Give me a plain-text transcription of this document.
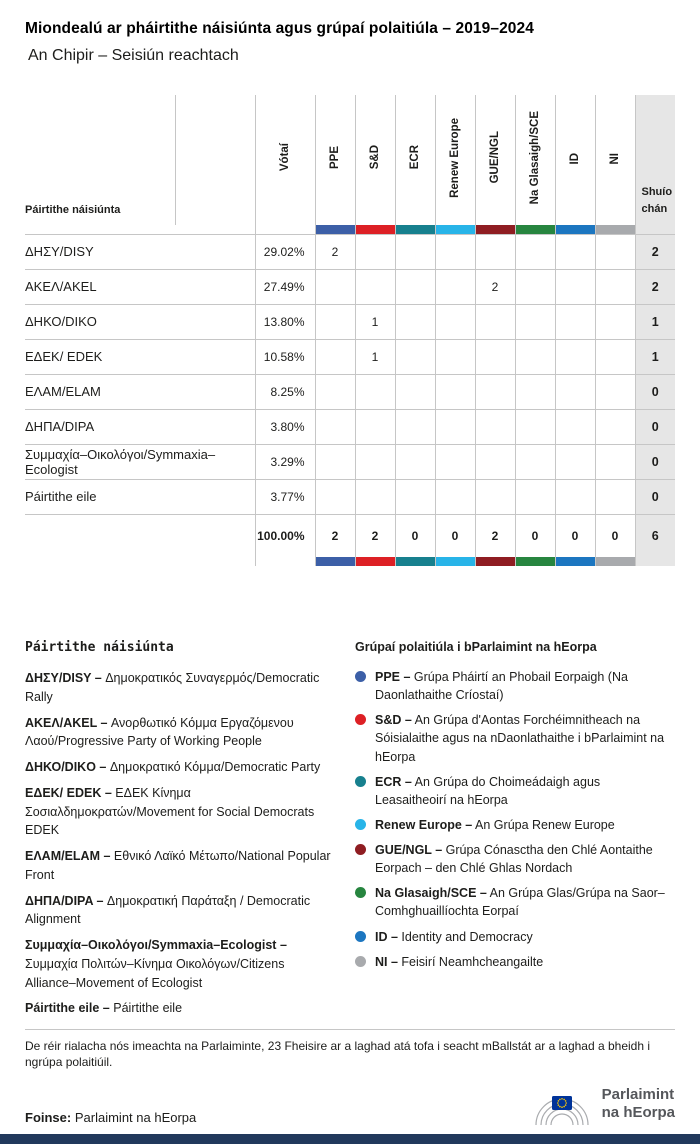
Miondealú ar pháirtithe náisiúnta agus grúpaí polaitiúla – 2019–2024
An Chipir – Seisiún reachtach
Páirtithe náisiúnta		Vótaí	PPE	S&D	ECR	Renew Europe	GUE/NGL	Na Glasaigh/SCE	ID	NI	Shuío
chán

ΔΗΣΥ/DISY		29.02%	2								2
ΑΚΕΛ/AKEL		27.49%					2				2
ΔΗΚΟ/DIKO		13.80%		1							1
ΕΔΕΚ/ EDEK		10.58%		1							1
ΕΛΑΜ/ELAM		8.25%									0
ΔΗΠΑ/DIPA		3.80%									0
Συμμαχία–Οικολόγοι/Symmaxia–Ecologist		3.29%									0
Páirtithe eile		3.77%									0
		100.00%	2	2	0	0	2	0	0	0	6

Páirtithe náisiúnta
ΔΗΣΥ/DISY – Δημοκρατικός Συναγερμός/Democratic Rally
ΑΚΕΛ/AKEL – Ανορθωτικό Κόμμα Εργαζόμενου Λαού/Progressive Party of Working People
ΔΗΚΟ/DIKO – Δημοκρατικό Κόμμα/Democratic Party
ΕΔΕΚ/ EDEK – ΕΔΕΚ Κίνημα Σοσιαλδημοκρατών/Movement for Social Democrats EDEK
ΕΛΑΜ/ELAM – Εθνικό Λαϊκό Μέτωπο/National Popular Front
ΔΗΠΑ/DIPA – Δημοκρατική Παράταξη / Democratic Alignment
Συμμαχία–Οικολόγοι/Symmaxia–Ecologist – Συμμαχία Πολιτών–Κίνημα Οικολόγων/Citizens Alliance–Movement of Ecologist
Páirtithe eile – Páirtithe eile
Grúpaí polaitiúla i bParlaimint na hEorpa
PPE – Grúpa Pháirtí an Phobail Eorpaigh (Na Daonlathaithe Críostaí)
S&D – An Grúpa d'Aontas Forchéimnitheach na Sóisialaithe agus na nDaonlathaithe i bParlaimint na hEorpa
ECR – An Grúpa do Choimeádaigh agus Leasaitheoirí na hEorpa
Renew Europe – An Grúpa Renew Europe
GUE/NGL – Grúpa Cónasctha den Chlé Aontaithe Eorpach – den Chlé Ghlas Nordach
Na Glasaigh/SCE – An Grúpa Glas/Grúpa na Saor–Comhghuaillíochta Eorpaí
ID – Identity and Democracy
NI – Feisirí Neamhcheangailte
De réir rialacha nós imeachta na Parlaiminte, 23 Fheisire ar a laghad atá tofa i seacht mBallstát ar a laghad a bheidh i ngrúpa polaitiúil.
Foinse: Parlaimint na hEorpa
Parlaimint
na hEorpa
